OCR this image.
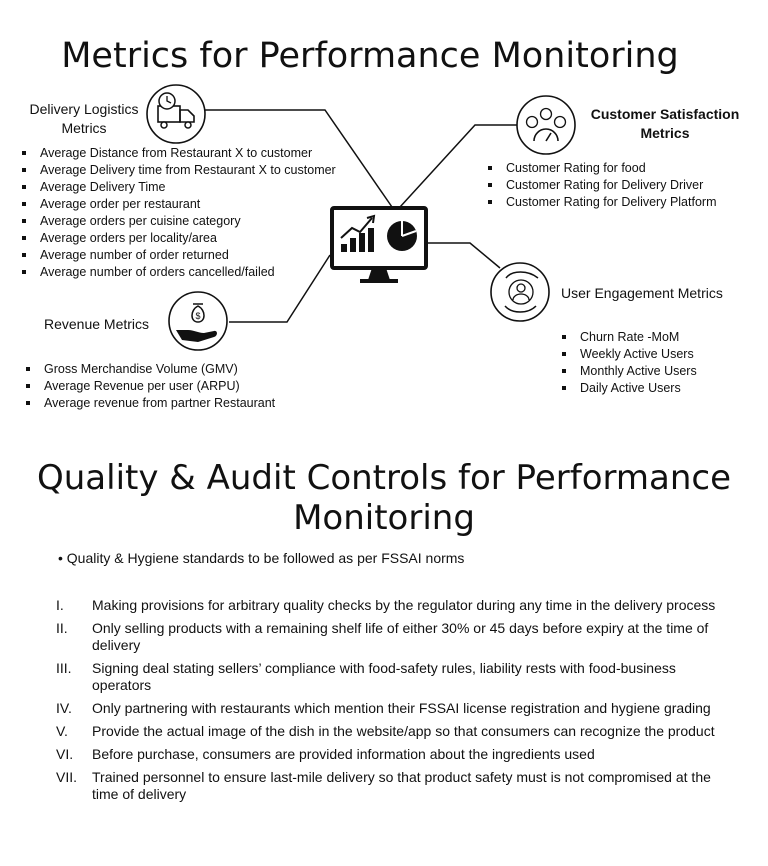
Metrics for Performance Monitoring
$
Delivery Logistics Metrics
Average Distance from Restaurant X to customer
Average Delivery time from Restaurant X to customer
Average Delivery Time
Average order per restaurant
Average orders per cuisine category
Average orders per locality/area
Average number of order returned
Average number of orders cancelled/failed
Customer Satisfaction Metrics
Customer Rating for food
Customer Rating for Delivery Driver
Customer Rating for Delivery Platform
User Engagement Metrics
Churn Rate -MoM
Weekly Active Users
Monthly Active Users
Daily Active Users
Revenue Metrics
Gross Merchandise Volume (GMV)
Average Revenue per user (ARPU)
Average revenue from partner Restaurant
Quality & Audit Controls for Performance Monitoring
• Quality & Hygiene standards to be followed as per FSSAI norms
I.	Making provisions for arbitrary quality checks by the regulator during any time in the delivery process
II.	Only selling products with a remaining shelf life of either 30% or 45 days before expiry at the time of delivery
III.	Signing deal stating sellers’ compliance with food-safety rules, liability rests with food-business operators
IV.	Only partnering with restaurants which mention their FSSAI license registration and hygiene grading
V.	Provide the actual image of the dish in the website/app so that consumers can recognize the product
VI.	Before purchase, consumers are provided information about the ingredients used
VII.	Trained personnel to ensure last-mile delivery so that product safety must is not compromised at the time of delivery
